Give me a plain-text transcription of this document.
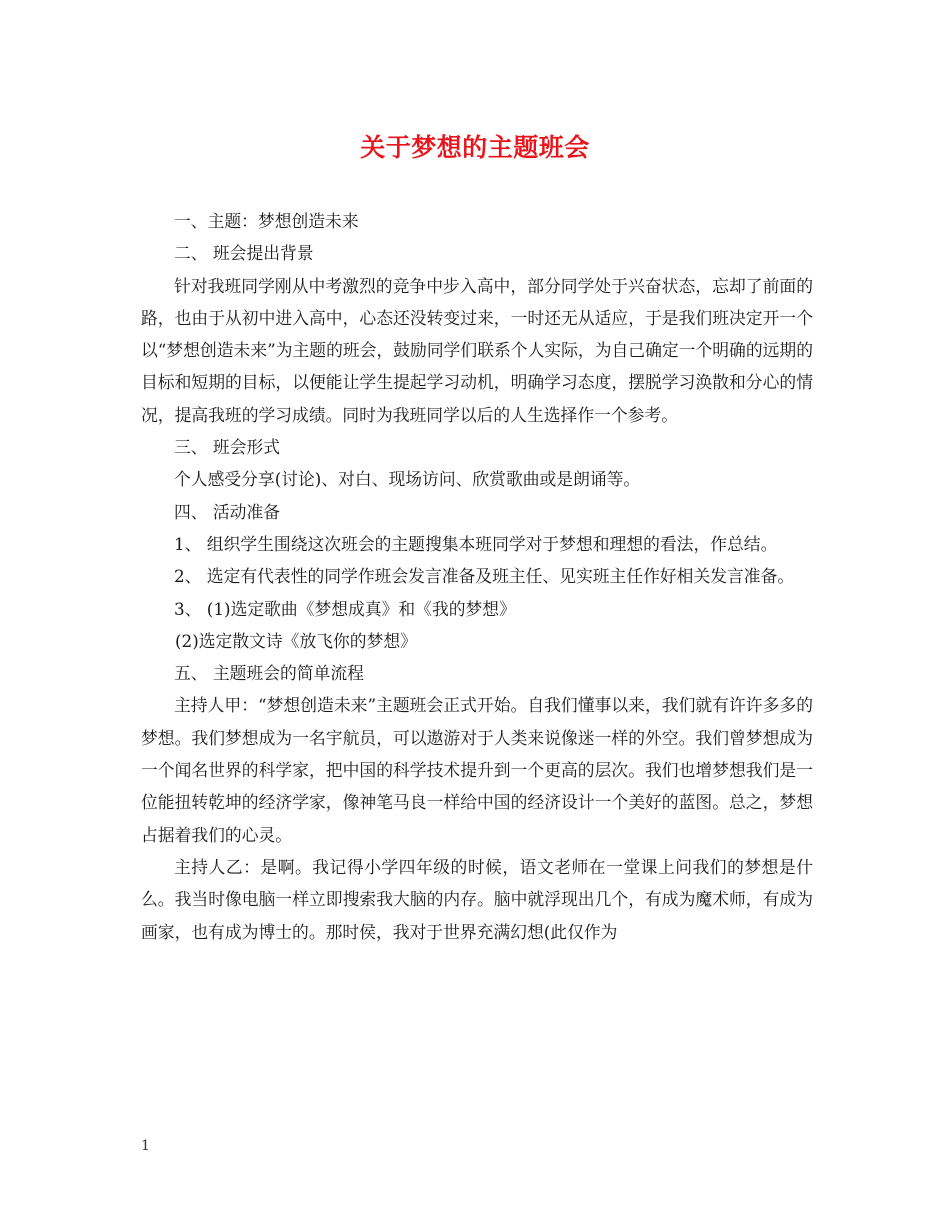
关于梦想的主题班会

一、主题：梦想创造未来

二、 班会提出背景

针对我班同学刚从中考激烈的竞争中步入高中，部分同学处于兴奋状态，忘却了前面的路，也由于从初中进入高中，心态还没转变过来，一时还无从适应，于是我们班决定开一个以“梦想创造未来”为主题的班会，鼓励同学们联系个人实际，为自己确定一个明确的远期的目标和短期的目标，以便能让学生提起学习动机，明确学习态度，摆脱学习涣散和分心的情况，提高我班的学习成绩。同时为我班同学以后的人生选择作一个参考。

三、 班会形式

个人感受分享(讨论)、对白、现场访问、欣赏歌曲或是朗诵等。

四、 活动准备

1、 组织学生围绕这次班会的主题搜集本班同学对于梦想和理想的看法，作总结。

2、 选定有代表性的同学作班会发言准备及班主任、见实班主任作好相关发言准备。

3、 (1)选定歌曲《梦想成真》和《我的梦想》

(2)选定散文诗《放飞你的梦想》

五、 主题班会的简单流程

主持人甲：“梦想创造未来”主题班会正式开始。自我们懂事以来，我们就有许许多多的梦想。我们梦想成为一名宇航员，可以遨游对于人类来说像迷一样的外空。我们曾梦想成为一个闻名世界的科学家，把中国的科学技术提升到一个更高的层次。我们也增梦想我们是一位能扭转乾坤的经济学家，像神笔马良一样给中国的经济设计一个美好的蓝图。总之，梦想占据着我们的心灵。

主持人乙：是啊。我记得小学四年级的时候，语文老师在一堂课上问我们的梦想是什么。我当时像电脑一样立即搜索我大脑的内存。脑中就浮现出几个，有成为魔术师，有成为画家，也有成为博士的。那时侯，我对于世界充满幻想(此仅作为

1
